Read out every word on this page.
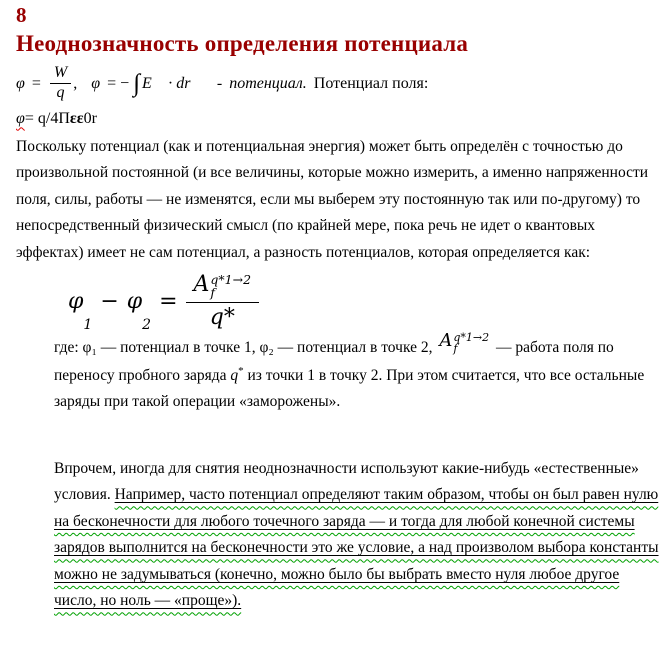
8
Неоднозначность определения потенциала
$\varphi = \frac{W}{q}$ , φ = − ∫ E⃗ · dr⃗ - потенциал. Потенциал поля:
φ= q/4Πεε0r

Поскольку потенциал (как и потенциальная энергия) может быть определён с точностью до произвольной постоянной (и все величины, которые можно измерить, а именно напряженности поля, силы, работы — не изменятся, если мы выберем эту постоянную так или по-другому) то непосредственный физический смысл (по крайней мере, пока речь не идет о квантовых эффектах) имеет не сам потенциал, а разность потенциалов, которая определяется как:

φ
1
− φ
2
= A q*1→2
f
q *

где: φ₁ — потенциал в точке 1, φ₂ — потенциал в точке 2, A q*1→2
f — работа поля по переносу пробного заряда q* из точки 1 в точку 2. При этом считается, что все остальные заряды при такой операции «заморожены».

Впрочем, иногда для снятия неоднозначности используют какие-нибудь «естественные» условия. Например, часто потенциал определяют таким образом, чтобы он был равен нулю на бесконечности для любого точечного заряда — и тогда для любой конечной системы зарядов выполнится на бесконечности это же условие, а над произволом выбора константы можно не задумываться (конечно, можно было бы выбрать вместо нуля любое другое число, но ноль — «проще»).
